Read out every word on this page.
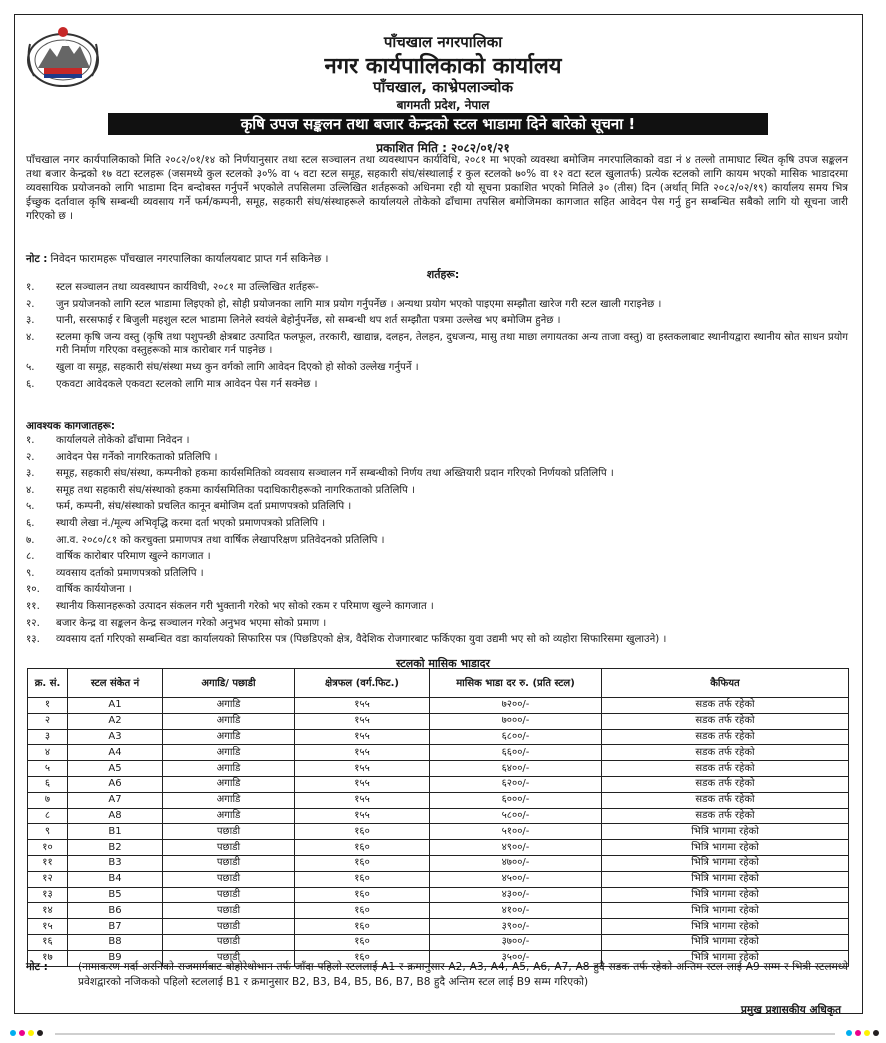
पाँचखाल नगरपालिका
नगर कार्यपालिकाको कार्यालय
पाँचखाल, काभ्रेपलाञ्चोक
बागमती प्रदेश, नेपाल
कृषि उपज सङ्कलन तथा बजार केन्द्रको स्टल भाडामा दिने बारेको सूचना !
प्रकाशित मिति : २०८२/०१/२१
पाँचखाल नगर कार्यपालिकाको मिति २०८२/०१/१४ को निर्णयानुसार तथा स्टल सञ्चालन तथा व्यवस्थापन कार्यविधि, २०८१ मा भएको व्यवस्था बमोजिम नगरपालिकाको वडा नं ४ तल्लो तामाघाट स्थित कृषि उपज सङ्कलन तथा बजार केन्द्रको १७ वटा स्टलहरू (जसमध्ये कुल स्टलको ३०% वा ५ वटा स्टल समूह, सहकारी संघ/संस्थालाई र कुल स्टलको ७०% वा १२ वटा स्टल खुलातर्फ) प्रत्येक स्टलको लागि कायम भएको मासिक भाडादरमा व्यवसायिक प्रयोजनको लागि भाडामा दिन बन्दोबस्त गर्नुपर्ने भएकोले तपसिलमा उल्लिखित शर्तहरूको अधिनमा रही यो सूचना प्रकाशित भएको मितिले ३० (तीस) दिन (अर्थात् मिति २०८२/०२/१९) कार्यालय समय भित्र ईच्छुक दर्तावाल कृषि सम्बन्धी व्यवसाय गर्ने फर्म/कम्पनी, समूह, सहकारी संघ/संस्थाहरूले कार्यालयले तोकेको ढाँचामा तपसिल बमोजिमका कागजात सहित आवेदन पेस गर्नु हुन सम्बन्धित सबैको लागि यो सूचना जारी गरिएको छ ।
नोट : निवेदन फारामहरू पाँचखाल नगरपालिका कार्यालयबाट प्राप्त गर्न सकिनेछ ।
शर्तहरू:
१.	स्टल सञ्चालन तथा व्यवस्थापन कार्यविधी, २०८१ मा उल्लिखित शर्तहरू-
२.	जुन प्रयोजनको लागि स्टल भाडामा लिइएको हो, सोही प्रयोजनका लागि मात्र प्रयोग गर्नुपर्नेछ । अन्यथा प्रयोग भएको पाइएमा सम्झौता खारेज गरी स्टल खाली गराइनेछ ।
३.	पानी, सरसफाई र बिजुली महशुल स्टल भाडामा लिनेले स्वयंले बेहोर्नुपर्नेछ, सो सम्बन्धी थप शर्त सम्झौता पत्रमा उल्लेख भए बमोजिम हुनेछ ।
४.	स्टलमा कृषि जन्य वस्तु (कृषि तथा पशुपन्छी क्षेत्रबाट उत्पादित फलफूल, तरकारी, खाद्यान्न, दलहन, तेलहन, दुधजन्य, मासु तथा माछा लगायतका अन्य ताजा वस्तु) वा हस्तकलाबाट स्थानीयद्वारा स्थानीय स्रोत साधन प्रयोग गरी निर्माण गरिएका वस्तुहरूको मात्र कारोबार गर्न पाइनेछ ।
५.	खुला वा समूह, सहकारी संघ/संस्था मध्य कुन वर्गको लागि आवेदन दिएको हो सोको उल्लेख गर्नुपर्ने ।
६.	एकवटा आवेदकले एकवटा स्टलको लागि मात्र आवेदन पेस गर्न सक्नेछ ।
आवश्यक कागजातहरू:
१.	कार्यालयले तोकेको ढाँचामा निवेदन ।
२.	आवेदन पेस गर्नेको नागरिकताको प्रतिलिपि ।
३.	समूह, सहकारी संघ/संस्था, कम्पनीको हकमा कार्यसमितिको व्यवसाय सञ्चालन गर्ने सम्बन्धीको निर्णय तथा अख्तियारी प्रदान गरिएको निर्णयको प्रतिलिपि ।
४.	समूह तथा सहकारी संघ/संस्थाको हकमा कार्यसमितिका पदाधिकारीहरूको नागरिकताको प्रतिलिपि ।
५.	फर्म, कम्पनी, संघ/संस्थाको प्रचलित कानून बमोजिम दर्ता प्रमाणपत्रको प्रतिलिपि ।
६.	स्थायी लेखा नं./मूल्य अभिवृद्धि करमा दर्ता भएको प्रमाणपत्रको प्रतिलिपि ।
७.	आ.व. २०८०/८१ को करचुक्ता प्रमाणपत्र तथा वार्षिक लेखापरिक्षण प्रतिवेदनको प्रतिलिपि ।
८.	वार्षिक कारोबार परिमाण खुल्ने कागजात ।
९.	व्यवसाय दर्ताको प्रमाणपत्रको प्रतिलिपि ।
१०.	वार्षिक कार्ययोजना ।
११.	स्थानीय किसानहरूको उत्पादन संकलन गरी भुक्तानी गरेको भए सोको रकम र परिमाण खुल्ने कागजात ।
१२.	बजार केन्द्र वा सङ्कलन केन्द्र सञ्चालन गरेको अनुभव भएमा सोको प्रमाण ।
१३.	व्यवसाय दर्ता गरिएको सम्बन्धित वडा कार्यालयको सिफारिस पत्र (पिछडिएको क्षेत्र, वैदेशिक रोजगारबाट फर्किएका युवा उद्यमी भए सो को व्यहोरा सिफारिसमा खुलाउने) ।
स्टलको मासिक भाडादर
क्र. सं.	स्टल संकेत नं	अगाडि/ पछाडी	क्षेत्रफल (वर्ग.फिट.)	मासिक भाडा दर रु. (प्रति स्टल)	कैफियत
१	A1	अगाडि	१५५	७२००/-	सडक तर्फ रहेको
२	A2	अगाडि	१५५	७०००/-	सडक तर्फ रहेको
३	A3	अगाडि	१५५	६८००/-	सडक तर्फ रहेको
४	A4	अगाडि	१५५	६६००/-	सडक तर्फ रहेको
५	A5	अगाडि	१५५	६४००/-	सडक तर्फ रहेको
६	A6	अगाडि	१५५	६२००/-	सडक तर्फ रहेको
७	A7	अगाडि	१५५	६०००/-	सडक तर्फ रहेको
८	A8	अगाडि	१५५	५८००/-	सडक तर्फ रहेको
९	B1	पछाडी	१६०	५१००/-	भित्रि भागमा रहेको
१०	B2	पछाडी	१६०	४९००/-	भित्रि भागमा रहेको
११	B3	पछाडी	१६०	४७००/-	भित्रि भागमा रहेको
१२	B4	पछाडी	१६०	४५००/-	भित्रि भागमा रहेको
१३	B5	पछाडी	१६०	४३००/-	भित्रि भागमा रहेको
१४	B6	पछाडी	१६०	४१००/-	भित्रि भागमा रहेको
१५	B7	पछाडी	१६०	३९००/-	भित्रि भागमा रहेको
१६	B8	पछाडी	१६०	३७००/-	भित्रि भागमा रहेको
१७	B9	पछाडी	१६०	३५००/-	भित्रि भागमा रहेको
नोट :	(नामाकरण गर्दा अरनिको राजमार्गबाट बोहोरेथोभान तर्फ जाँदा पहिलो स्टललाई A1 र क्रमानुसार A2, A3, A4, A5, A6, A7, A8 हुदै सडक तर्फ रहेको अन्तिम स्टल लाई A9 सम्म र भित्री स्टलमध्ये प्रवेशद्वारको नजिकको पहिलो स्टललाई B1 र क्रमानुसार B2, B3, B4, B5, B6, B7, B8 हुदै अन्तिम स्टल लाई B9 सम्म गरिएको)
प्रमुख प्रशासकीय अधिकृत
